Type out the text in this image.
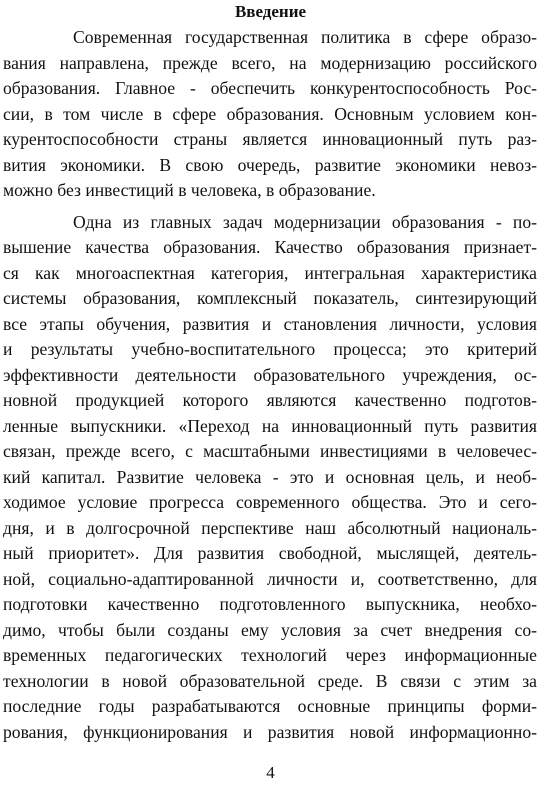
Введение
Современная государственная политика в сфере образо-
вания направлена, прежде всего, на модернизацию российского
образования. Главное - обеспечить конкурентоспособность Рос-
сии, в том числе в сфере образования. Основным условием кон-
курентоспособности страны является инновационный путь раз-
вития экономики. В свою очередь, развитие экономики невоз-
можно без инвестиций в человека, в образование.
Одна из главных задач модернизации образования - по-
вышение качества образования. Качество образования признает-
ся как многоаспектная категория, интегральная характеристика
системы образования, комплексный показатель, синтезирующий
все этапы обучения, развития и становления личности, условия
и результаты учебно-воспитательного процесса; это критерий
эффективности деятельности образовательного учреждения, ос-
новной продукцией которого являются качественно подготов-
ленные выпускники. «Переход на инновационный путь развития
связан, прежде всего, с масштабными инвестициями в человечес-
кий капитал. Развитие человека - это и основная цель, и необ-
ходимое условие прогресса современного общества. Это и сего-
дня, и в долгосрочной перспективе наш абсолютный националь-
ный приоритет». Для развития свободной, мыслящей, деятель-
ной, социально-адаптированной личности и, соответственно, для
подготовки качественно подготовленного выпускника, необхо-
димо, чтобы были созданы ему условия за счет внедрения со-
временных педагогических технологий через информационные
технологии в новой образовательной среде. В связи с этим за
последние годы разрабатываются основные принципы форми-
рования, функционирования и развития новой информационно-
4
